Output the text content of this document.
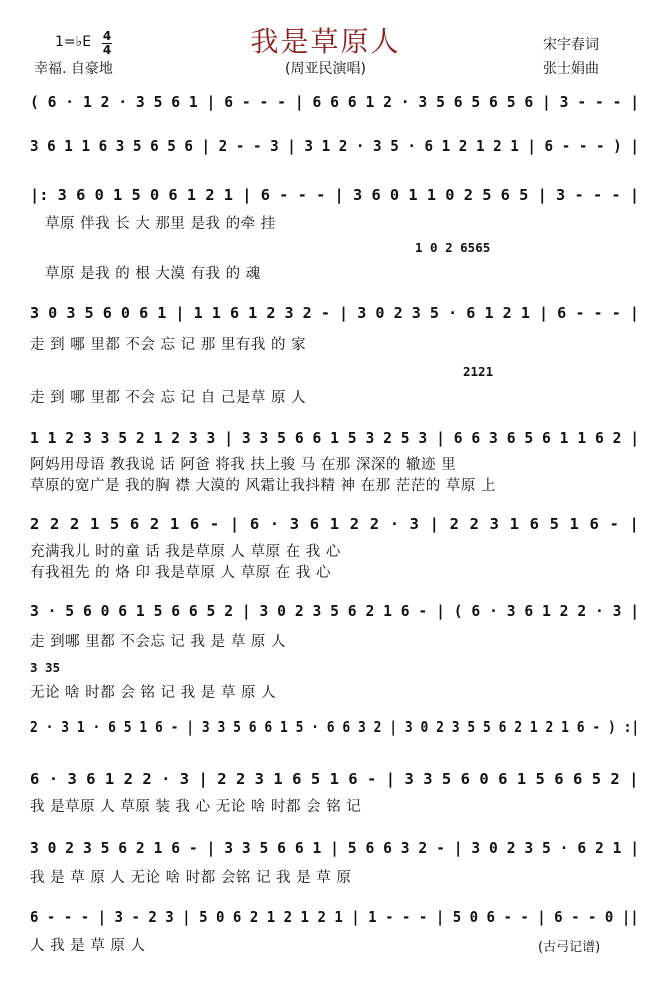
我是草原人
1=♭E 4
4
幸福. 自豪地	(周亚民演唱)
宋宇春词
张士娟曲
( 6 · 1 2 · 3 5 6 1 | 6 - - - | 6 6 6 1 2 · 3 5 6 5 6 5 6 | 3 - - - |
3 6 1 1 6 3 5 6 5 6 | 2 - - 3 | 3 1 2 · 3 5 · 6 1 2 1 2 1 | 6 - - - ) |
|: 3 6 0 1 5 0 6 1 2 1 | 6 - - - | 3 6 0 1 1 0 2 5 6 5 | 3 - - - |
草原 伴我 长 大 那里 是我 的牵 挂
1 0 2 6565
草原 是我 的 根 大漠 有我 的 魂
3 0 3 5 6 0 6 1 | 1 1 6 1 2 3 2 - | 3 0 2 3 5 · 6 1 2 1 | 6 - - - |
走 到 哪 里都 不会 忘 记 那 里有我 的 家
2121
走 到 哪 里都 不会 忘 记 自 己是草 原 人
1 1 2 3 3 5 2 1 2 3 3 | 3 3 5 6 6 1 5 3 2 5 3 | 6 6 3 6 5 6 1 1 6 2 |
阿妈用母语 教我说 话 阿爸 将我 扶上骏 马 在那 深深的 辙迹 里
草原的宽广是 我的胸 襟 大漠的 风霜让我抖精 神 在那 茫茫的 草原 上
2 2 2 1 5 6 2 1 6 - | 6 · 3 6 1 2 2 · 3 | 2 2 3 1 6 5 1 6 - |
充满我儿 时的童 话 我是草原 人 草原 在 我 心
有我祖先 的 烙 印 我是草原 人 草原 在 我 心
3 · 5 6 0 6 1 5 6 6 5 2 | 3 0 2 3 5 6 2 1 6 - | ( 6 · 3 6 1 2 2 · 3 |
走 到哪 里都 不会忘 记 我 是 草 原 人
3 35
无论 啥 时都 会 铭 记 我 是 草 原 人
2 · 3 1 · 6 5 1 6 - | 3 3 5 6 6 1 5 · 6 6 3 2 | 3 0 2 3 5 5 6 2 1 2 1 6 - ) :|
6 · 3 6 1 2 2 · 3 | 2 2 3 1 6 5 1 6 - | 3 3 5 6 0 6 1 5 6 6 5 2 |
我 是草原 人 草原 装 我 心 无论 啥 时都 会 铭 记
3 0 2 3 5 6 2 1 6 - | 3 3 5 6 6 1 | 5 6 6 3 2 - | 3 0 2 3 5 · 6 2 1 |
我 是 草 原 人 无论 啥 时都 会铭 记 我 是 草 原
6 - - - | 3 - 2 3 | 5 0 6 2 1 2 1 2 1 | 1 - - - | 5 0 6 - - | 6 - - 0 ||
人 我 是 草 原 人	(古弓记谱)
